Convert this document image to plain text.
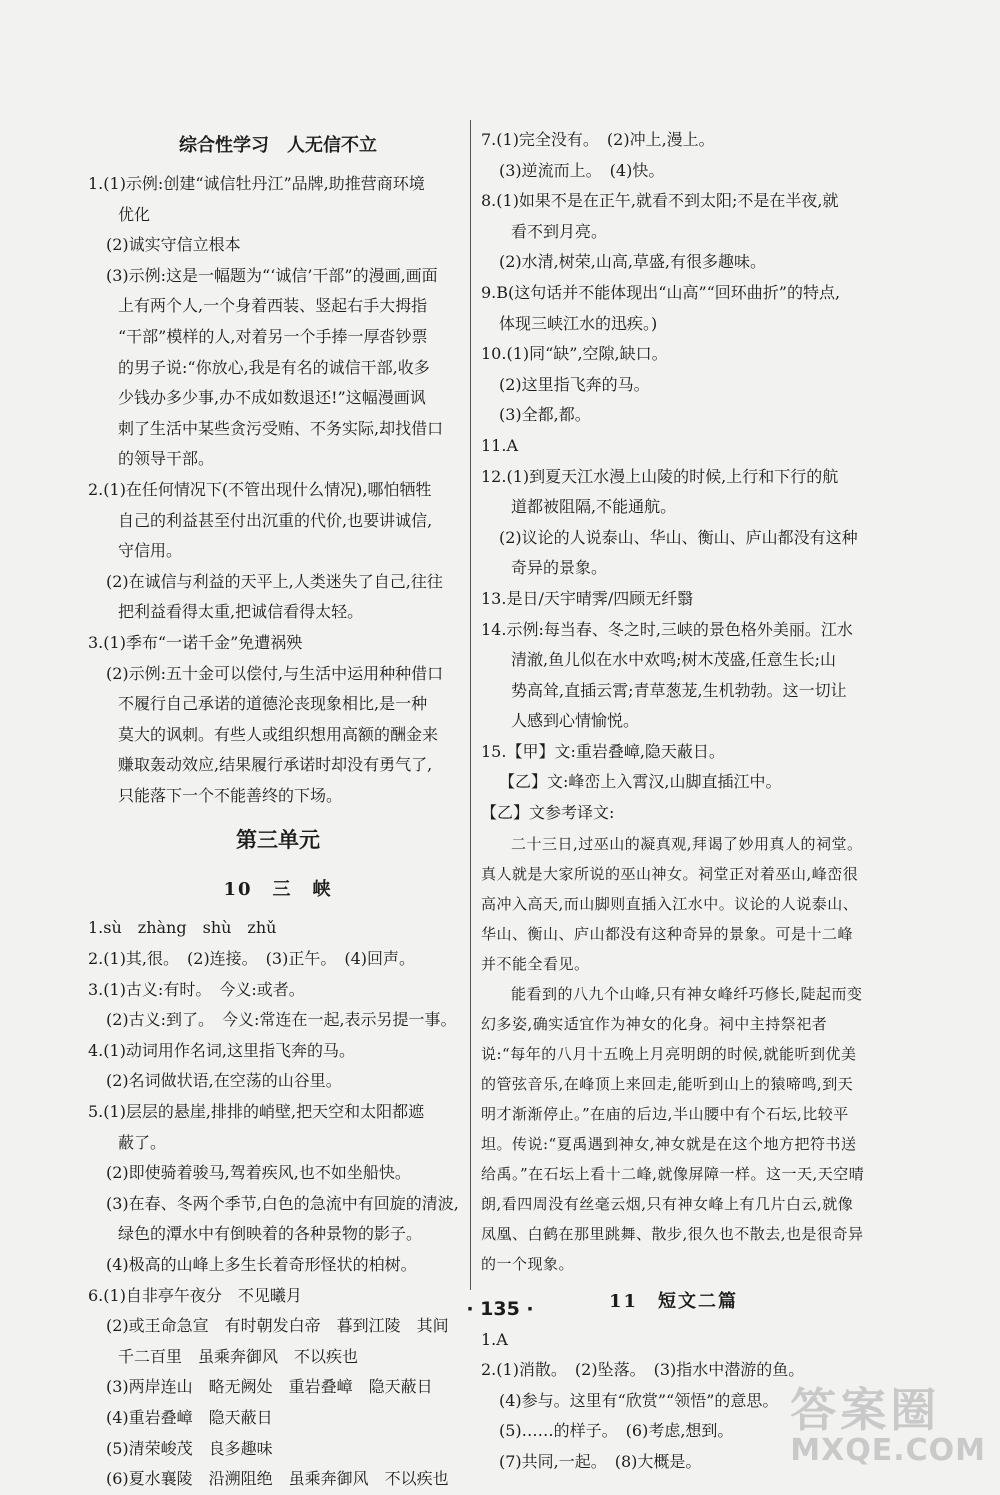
综合性学习　人无信不立
1.(1)示例:创建“诚信牡丹江”品牌,助推营商环境
优化
(2)诚实守信立根本
(3)示例:这是一幅题为“‘诚信’干部”的漫画,画面
上有两个人,一个身着西装、竖起右手大拇指
“干部”模样的人,对着另一个手捧一厚沓钞票
的男子说:“你放心,我是有名的诚信干部,收多
少钱办多少事,办不成如数退还!”这幅漫画讽
刺了生活中某些贪污受贿、不务实际,却找借口
的领导干部。
2.(1)在任何情况下(不管出现什么情况),哪怕牺牲
自己的利益甚至付出沉重的代价,也要讲诚信,
守信用。
(2)在诚信与利益的天平上,人类迷失了自己,往往
把利益看得太重,把诚信看得太轻。
3.(1)季布“一诺千金”免遭祸殃
(2)示例:五十金可以偿付,与生活中运用种种借口
不履行自己承诺的道德沦丧现象相比,是一种
莫大的讽刺。有些人或组织想用高额的酬金来
赚取轰动效应,结果履行承诺时却没有勇气了,
只能落下一个不能善终的下场。
第三单元
10　三　峡
1.sù　zhàng　shù　zhǔ
2.(1)其,很。　(2)连接。　(3)正午。　(4)回声。
3.(1)古义:有时。　今义:或者。
(2)古义:到了。　今义:常连在一起,表示另提一事。
4.(1)动词用作名词,这里指飞奔的马。
(2)名词做状语,在空荡的山谷里。
5.(1)层层的悬崖,排排的峭壁,把天空和太阳都遮
蔽了。
(2)即使骑着骏马,驾着疾风,也不如坐船快。
(3)在春、冬两个季节,白色的急流中有回旋的清波,
绿色的潭水中有倒映着的各种景物的影子。
(4)极高的山峰上多生长着奇形怪状的柏树。
6.(1)自非亭午夜分　不见曦月
(2)或王命急宣　有时朝发白帝　暮到江陵　其间
千二百里　虽乘奔御风　不以疾也
(3)两岸连山　略无阙处　重岩叠嶂　隐天蔽日
(4)重岩叠嶂　隐天蔽日
(5)清荣峻茂　良多趣味
(6)夏水襄陵　沿溯阻绝　虽乘奔御风　不以疾也
7.(1)完全没有。　(2)冲上,漫上。
(3)逆流而上。　(4)快。
8.(1)如果不是在正午,就看不到太阳;不是在半夜,就
看不到月亮。
(2)水清,树荣,山高,草盛,有很多趣味。
9.B(这句话并不能体现出“山高”“回环曲折”的特点,
体现三峡江水的迅疾。)
10.(1)同“缺”,空隙,缺口。
(2)这里指飞奔的马。
(3)全都,都。
11.A
12.(1)到夏天江水漫上山陵的时候,上行和下行的航
道都被阻隔,不能通航。
(2)议论的人说泰山、华山、衡山、庐山都没有这种
奇异的景象。
13.是日/天宇晴霁/四顾无纤翳
14.示例:每当春、冬之时,三峡的景色格外美丽。江水
清澈,鱼儿似在水中欢鸣;树木茂盛,任意生长;山
势高耸,直插云霄;青草葱茏,生机勃勃。这一切让
人感到心情愉悦。
15.【甲】文:重岩叠嶂,隐天蔽日。
【乙】文:峰峦上入霄汉,山脚直插江中。
【乙】文参考译文:
二十三日,过巫山的凝真观,拜谒了妙用真人的祠堂。真人就是大家所说的巫山神女。祠堂正对着巫山,峰峦很高冲入高天,而山脚则直插入江水中。议论的人说泰山、华山、衡山、庐山都没有这种奇异的景象。可是十二峰并不能全看见。
能看到的八九个山峰,只有神女峰纤巧修长,陡起而变幻多姿,确实适宜作为神女的化身。祠中主持祭祀者说:“每年的八月十五晚上月亮明朗的时候,就能听到优美的管弦音乐,在峰顶上来回走,能听到山上的猿啼鸣,到天明才渐渐停止。”在庙的后边,半山腰中有个石坛,比较平坦。传说:“夏禹遇到神女,神女就是在这个地方把符书送给禹。”在石坛上看十二峰,就像屏障一样。这一天,天空晴朗,看四周没有丝毫云烟,只有神女峰上有几片白云,就像凤凰、白鹤在那里跳舞、散步,很久也不散去,也是很奇异的一个现象。
11　短文二篇
1.A
2.(1)消散。　(2)坠落。　(3)指水中潜游的鱼。
(4)参与。这里有“欣赏”“领悟”的意思。
(5)……的样子。　(6)考虑,想到。
(7)共同,一起。　(8)大概是。
· 135 ·
答案圈
MXQE.COM
